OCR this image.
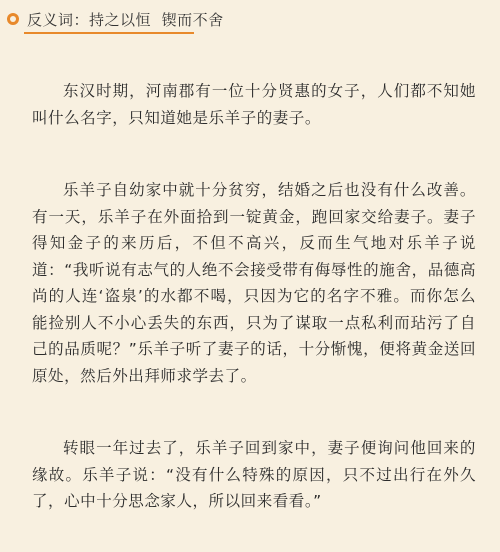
反义词 ： 持之以恒  锲而不舍

东汉时期，河南郡有一位十分贤惠的女子，人们都不知她叫什么名字，只知道她是乐羊子的妻子。

乐羊子自幼家中就十分贫穷，结婚之后也没有什么改善。有一天，乐羊子在外面拾到一锭黄金，跑回家交给妻子。妻子得知金子的来历后，不但不高兴，反而生气地对乐羊子说道：“我听说有志气的人绝不会接受带有侮辱性的施舍，品德高尚的人连‘盗泉’的水都不喝，只因为它的名字不雅。而你怎么能捡别人不小心丢失的东西，只为了谋取一点私利而玷污了自己的品质呢？”乐羊子听了妻子的话，十分惭愧，便将黄金送回原处，然后外出拜师求学去了。

转眼一年过去了，乐羊子回到家中，妻子便询问他回来的缘故。乐羊子说：“没有什么特殊的原因，只不过出行在外久了，心中十分思念家人，所以回来看看。”
